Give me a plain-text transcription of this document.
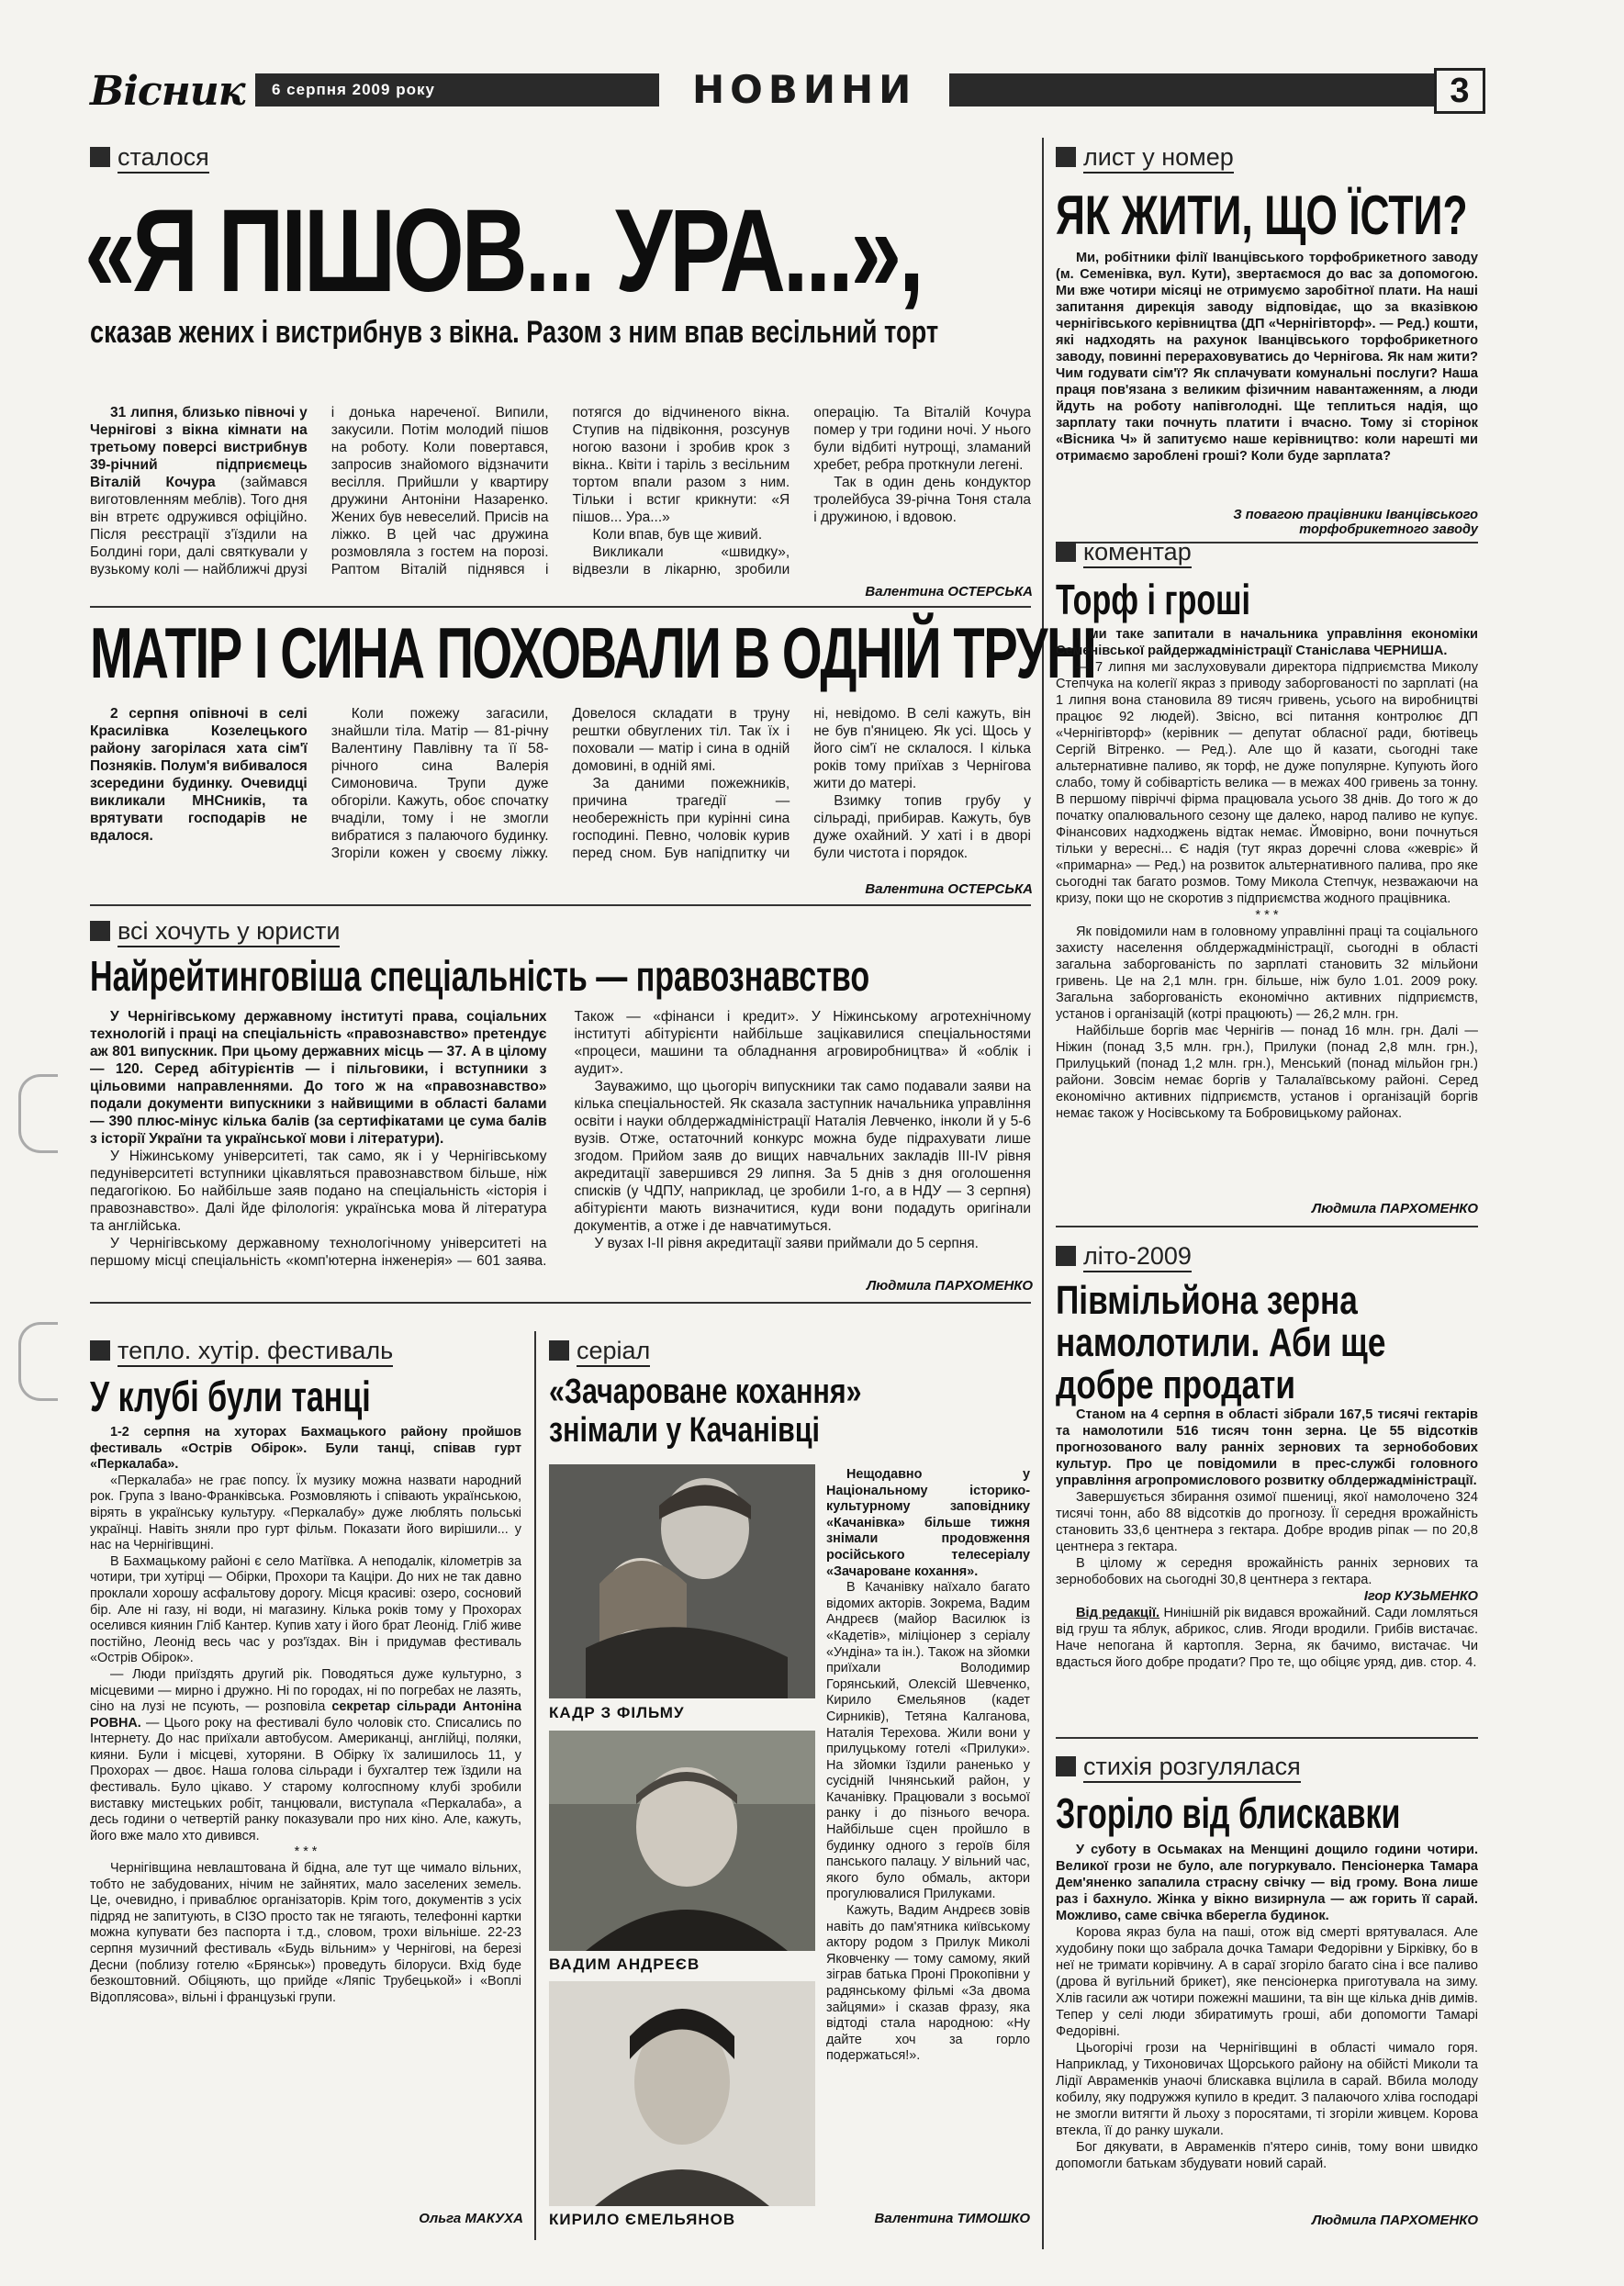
Вісник	6 серпня 2009 року	НОВИНИ	3
сталося
«Я ПІШОВ... УРА...»,
сказав жених і вистрибнув з вікна. Разом з ним впав весільний торт

31 липня, близько півночі у Чернігові з вікна кімнати на третьому поверсі вистрибнув 39-річний підприємець Віталій Кочура (займався виготовленням меблів). Того дня він втретє одружився офіційно. Після реєстрації з'їздили на Болдині гори, далі святкували у вузькому колі — найближчі друзі і донька нареченої. Випили, закусили. Потім молодий пішов на роботу. Коли повертався, запросив знайомого відзначити весілля. Прийшли у квартиру дружини Антоніни Назаренко. Жених був невеселий. Присів на ліжко. В цей час дружина розмовляла з гостем на порозі. Раптом Віталій піднявся і потягся до відчиненого вікна. Ступив на підвіконня, розсунув ногою вазони і зробив крок з вікна.. Квіти і таріль з весільним тортом впали разом з ним. Тільки і встиг крикнути: «Я пішов... Ура...»

Коли впав, був ще живий.

Викликали «швидку», відвезли в лікарню, зробили операцію. Та Віталій Кочура помер у три години ночі. У нього були відбиті нутрощі, зламаний хребет, ребра проткнули легені.

Так в один день кондуктор тролейбуса 39-річна Тоня стала і дружиною, і вдовою.

Валентина ОСТЕРСЬКА
МАТІР І СИНА ПОХОВАЛИ В ОДНІЙ ТРУНІ

2 серпня опівночі в селі Красилівка Козелецького району загорілася хата сім'ї Позняків. Полум'я вибивалося зсередини будинку. Очевидці викликали МНСників, та врятувати господарів не вдалося.

Коли пожежу загасили, знайшли тіла. Матір — 81-річну Валентину Павлівну та її 58-річного сина Валерія Симоновича. Трупи дуже обгоріли. Кажуть, обоє спочатку вчаділи, тому і не змогли вибратися з палаючого будинку. Згоріли кожен у своєму ліжку. Довелося складати в труну рештки обвуглених тіл. Так їх і поховали — матір і сина в одній домовині, в одній ямі.

За даними пожежників, причина трагедії — необережність при курінні сина господині. Певно, чоловік курив перед сном. Був напідпитку чи ні, невідомо. В селі кажуть, він не був п'яницею. Як усі. Щось у його сім'ї не склалося. І кілька років тому приїхав з Чернігова жити до матері.

Взимку топив грубу у сільраді, прибирав. Кажуть, був дуже охайний. У хаті і в дворі були чистота і порядок.

Валентина ОСТЕРСЬКА
всі хочуть у юристи
Найрейтинговіша спеціальність — правознавство

У Чернігівському державному інституті права, соціальних технологій і праці на спеціальність «правознавство» претендує аж 801 випускник. При цьому державних місць — 37. А в цілому — 120. Серед абітурієнтів — і пільговики, і вступники з цільовими направленнями. До того ж на «правознавство» подали документи випускники з найвищими в області балами — 390 плюс-мінус кілька балів (за сертифікатами це сума балів з історії України та української мови і літератури).

У Ніжинському університеті, так само, як і у Чернігівському педуніверситеті вступники цікавляться правознавством більше, ніж педагогікою. Бо найбільше заяв подано на спеціальність «історія і правознавство». Далі йде філологія: українська мова й література та англійська.

У Чернігівському державному технологічному університеті на першому місці спеціальність «комп'ютерна інженерія» — 601 заява. Також — «фінанси і кредит». У Ніжинському агротехнічному інституті абітурієнти найбільше зацікавилися спеціальностями «процеси, машини та обладнання агровиробництва» й «облік і аудит».

Зауважимо, що цьогоріч випускники так само подавали заяви на кілька спеціальностей. Як сказала заступник начальника управління освіти і науки облдержадміністрації Наталія Левченко, інколи й у 5-6 вузів. Отже, остаточний конкурс можна буде підрахувати лише згодом. Прийом заяв до вищих навчальних закладів III-IV рівня акредитації завершився 29 липня. За 5 днів з дня оголошення списків (у ЧДПУ, наприклад, це зробили 1-го, а в НДУ — 3 серпня) абітурієнти мають визначитися, куди вони подадуть оригінали документів, а отже і де навчатимуться.

У вузах I-II рівня акредитації заяви приймали до 5 серпня.

Людмила ПАРХОМЕНКО
тепло. хутір. фестиваль
У клубі були танці

1-2 серпня на хуторах Бахмацького району пройшов фестиваль «Острів Обірок». Були танці, співав гурт «Перкалаба».

«Перкалаба» не грає попсу. Їх музику можна назвати народний рок. Група з Івано-Франківська. Розмовляють і співають українською, вірять в українську культуру. «Перкалабу» дуже люблять польські українці. Навіть зняли про гурт фільм. Показати його вирішили... у нас на Чернігівщині.

В Бахмацькому районі є село Матіївка. А неподалік, кілометрів за чотири, три хутірці — Обірки, Прохори та Каціри. До них не так давно проклали хорошу асфальтову дорогу. Місця красиві: озеро, сосновий бір. Але ні газу, ні води, ні магазину. Кілька років тому у Прохорах оселився киянин Гліб Кантер. Купив хату і його брат Леонід. Гліб живе постійно, Леонід весь час у роз'їздах. Він і придумав фестиваль «Острів Обірок».

— Люди приїздять другий рік. Поводяться дуже культурно, з місцевими — мирно і дружно. Ні по городах, ні по погребах не лазять, сіно на лузі не псують, — розповіла секретар сільради Антоніна РОВНА. — Цього року на фестивалі було чоловік сто. Списались по Інтернету. До нас приїхали автобусом. Американці, англійці, поляки, кияни. Були і місцеві, хуторяни. В Обірку їх залишилось 11, у Прохорах — двоє. Наша голова сільради і бухгалтер теж їздили на фестиваль. Було цікаво. У старому колгоспному клубі зробили виставку мистецьких робіт, танцювали, виступала «Перкалаба», а десь години о четвертій ранку показували про них кіно. Але, кажуть, його вже мало хто дивився.

* * *

Чернігівщина невлаштована й бідна, але тут ще чимало вільних, тобто не забудованих, нічим не зайнятих, мало заселених земель. Це, очевидно, і приваблює організаторів. Крім того, документів з усіх підряд не запитують, в СІЗО просто так не тягають, телефонні картки можна купувати без паспорта і т.д., словом, трохи вільніше. 22-23 серпня музичний фестиваль «Будь вільним» у Чернігові, на березі Десни (поблизу готелю «Брянськ») проведуть білоруси. Вхід буде безкоштовний. Обіцяють, що прийде «Ляпіс Трубецькой» і «Воплі Відоплясова», вільні і французькі групи.

Ольга МАКУХА
серіал
«Зачароване кохання» знімали у Качанівці
КАДР З ФІЛЬМУ
ВАДИМ АНДРЕЄВ
КИРИЛО ЄМЕЛЬЯНОВ

Нещодавно у Національному історико-культурному заповіднику «Качанівка» більше тижня знімали продовження російського телесеріалу «Зачароване кохання».

В Качанівку наїхало багато відомих акторів. Зокрема, Вадим Андреєв (майор Василюк із «Кадетів», міліціонер з серіалу «Ундіна» та ін.). Також на зйомки приїхали Володимир Горянський, Олексій Шевченко, Кирило Ємельянов (кадет Сирників), Тетяна Калганова, Наталія Терехова. Жили вони у прилуцькому готелі «Прилуки». На зйомки їздили раненько у сусідній Ічнянський район, у Качанівку. Працювали з восьмої ранку і до пізнього вечора. Найбільше сцен пройшло в будинку одного з героїв біля панського палацу. У вільний час, якого було обмаль, актори прогулювалися Прилуками.

Кажуть, Вадим Андреєв зовів навіть до пам'ятника київському актору родом з Прилук Миколі Яковченку — тому самому, який зіграв батька Проні Прокопівни у радянському фільмі «За двома зайцями» і сказав фразу, яка відтоді стала народною: «Ну дайте хоч за горло подержаться!».

Валентина ТИМОШКО
лист у номер
ЯК ЖИТИ, ЩО ЇСТИ?

Ми, робітники філії Іванцівського торфобрикетного заводу (м. Семенівка, вул. Кути), звертаємося до вас за допомогою. Ми вже чотири місяці не отримуємо заробітної плати. На наші запитання дирекція заводу відповідає, що за вказівкою чернігівського керівництва (ДП «Чернігівторф». — Ред.) кошти, які надходять на рахунок Іванцівського торфобрикетного заводу, повинні перераховуватись до Чернігова. Як нам жити? Чим годувати сім'ї? Як сплачувати комунальні послуги? Наша праця пов'язана з великим фізичним навантаженням, а люди йдуть на роботу напівголодні. Ще теплиться надія, що зарплату таки почнуть платити і вчасно. Тому зі сторінок «Вісника Ч» й запитуємо наше керівництво: коли нарешті ми отримаємо зароблені гроші? Коли буде зарплата?

З повагою працівники Іванцівського торфобрикетного заводу
коментар
Торф і гроші

І ми таке запитали в начальника управління економіки Семенівської райдержадміністрації Станіслава ЧЕРНИША.

— 7 липня ми заслуховували директора підприємства Миколу Степчука на колегії якраз з приводу заборгованості по зарплаті (на 1 липня вона становила 89 тисяч гривень, усього на виробництві працює 92 людей). Звісно, всі питання контролює ДП «Чернігівторф» (керівник — депутат обласної ради, бютівець Сергій Вітренко. — Ред.). Але що й казати, сьогодні таке альтернативне паливо, як торф, не дуже популярне. Купують його слабо, тому й собівартість велика — в межах 400 гривень за тонну. В першому півріччі фірма працювала усього 38 днів. До того ж до початку опалювального сезону ще далеко, народ паливо не купує. Фінансових надходжень відтак немає. Ймовірно, вони почнуться тільки у вересні... Є надія (тут якраз доречні слова «жевріє» й «примарна» — Ред.) на розвиток альтернативного палива, про яке сьогодні так багато розмов. Тому Микола Степчук, незважаючи на кризу, поки що не скоротив з підприємства жодного працівника.

* * *

Як повідомили нам в головному управлінні праці та соціального захисту населення облдержадміністрації, сьогодні в області загальна заборгованість по зарплаті становить 32 мільйони гривень. Це на 2,1 млн. грн. більше, ніж було 1.01. 2009 року. Загальна заборгованість економічно активних підприємств, установ і організацій (котрі працюють) — 26,2 млн. грн.

Найбільше боргів має Чернігів — понад 16 млн. грн. Далі — Ніжин (понад 3,5 млн. грн.), Прилуки (понад 2,8 млн. грн.), Прилуцький (понад 1,2 млн. грн.), Менський (понад мільйон грн.) райони. Зовсім немає боргів у Талалаївському районі. Серед економічно активних підприємств, установ і організацій боргів немає також у Носівському та Бобровицькому районах.

Людмила ПАРХОМЕНКО
літо-2009
Півмільйона зерна намолотили. Аби ще добре продати

Станом на 4 серпня в області зібрали 167,5 тисячі гектарів та намолотили 516 тисяч тонн зерна. Це 55 відсотків прогнозованого валу ранніх зернових та зернобобових культур. Про це повідомили в прес-службі головного управління агропромислового розвитку облдержадміністрації.

Завершується збирання озимої пшениці, якої намолочено 324 тисячі тонн, або 88 відсотків до прогнозу. Її середня врожайність становить 33,6 центнера з гектара. Добре вродив ріпак — по 20,8 центнера з гектара.

В цілому ж середня врожайність ранніх зернових та зернобобових на сьогодні 30,8 центнера з гектара.

Ігор КУЗЬМЕНКО

Від редакції. Нинішній рік видався врожайний. Сади ломляться від груш та яблук, абрикос, слив. Ягоди вродили. Грибів вистачає. Наче непогана й картопля. Зерна, як бачимо, вистачає. Чи вдасться його добре продати? Про те, що обіцяє уряд, див. стор. 4.

стихія розгулялася
Згоріло від блискавки

У суботу в Осьмаках на Менщині дощило години чотири. Великої грози не було, але погуркувало. Пенсіонерка Тамара Дем'яненко запалила страсну свічку — від грому. Вона лише раз і бахнуло. Жінка у вікно визирнула — аж горить її сарай. Можливо, саме свічка вберегла будинок.

Корова якраз була на паші, отож від смерті врятувалася. Але худобину поки що забрала дочка Тамари Федорівни у Бірківку, бо в неї не тримати корівчину. А в сараї згоріло багато сіна і все паливо (дрова й вугільний брикет), яке пенсіонерка приготувала на зиму. Хлів гасили аж чотири пожежні машини, та він ще кілька днів димів. Тепер у селі люди збиратимуть гроші, аби допомогти Тамарі Федорівні.

Цьогорічі грози на Чернігівщині в області чимало горя. Наприклад, у Тихоновичах Щорського району на обійсті Миколи та Лідії Авраменків унаочі блискавка вцілила в сарай. Вбила молоду кобилу, яку подружжя купило в кредит. З палаючого хліва господарі не змогли витягти й льоху з поросятами, ті згоріли живцем. Корова втекла, її до ранку шукали.

Бог дякувати, в Авраменків п'ятеро синів, тому вони швидко допомогли батькам збудувати новий сарай.

Людмила ПАРХОМЕНКО
